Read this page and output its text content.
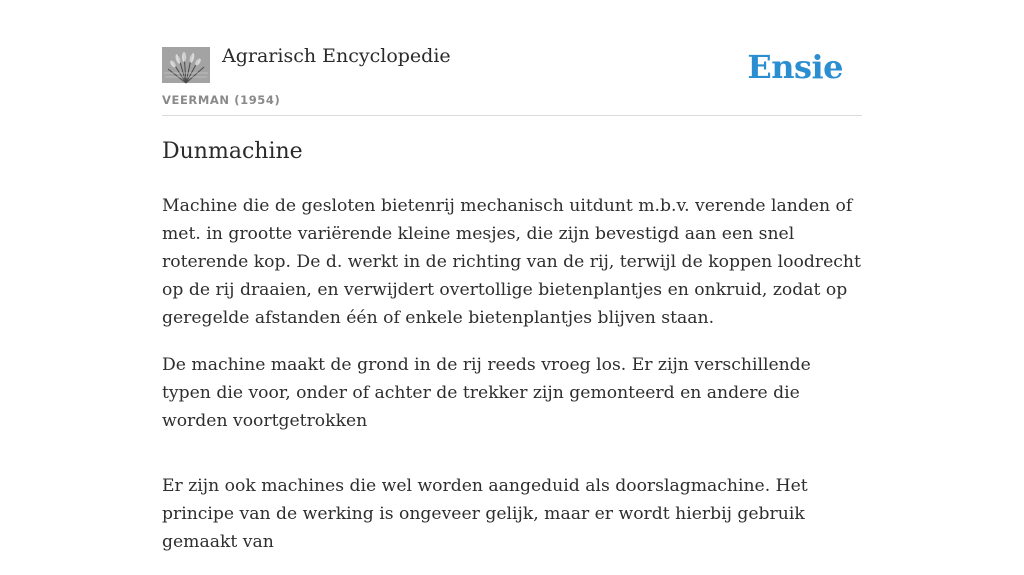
Agrarisch Encyclopedie
VEERMAN (1954)
Ensie
Dunmachine

Machine die de gesloten bietenrij mechanisch uitdunt m.b.v. verende landen of met. in grootte variërende kleine mesjes, die zijn bevestigd aan een snel roterende kop. De d. werkt in de richting van de rij, terwijl de koppen loodrecht op de rij draaien, en verwijdert overtollige bietenplantjes en onkruid, zodat op geregelde afstanden één of enkele bietenplantjes blijven staan.

De machine maakt de grond in de rij reeds vroeg los. Er zijn verschillende typen die voor, onder of achter de trekker zijn gemonteerd en andere die worden voortgetrokken

Er zijn ook machines die wel worden aangeduid als doorslagmachine. Het principe van de werking is ongeveer gelijk, maar er wordt hierbij gebruik gemaakt van
